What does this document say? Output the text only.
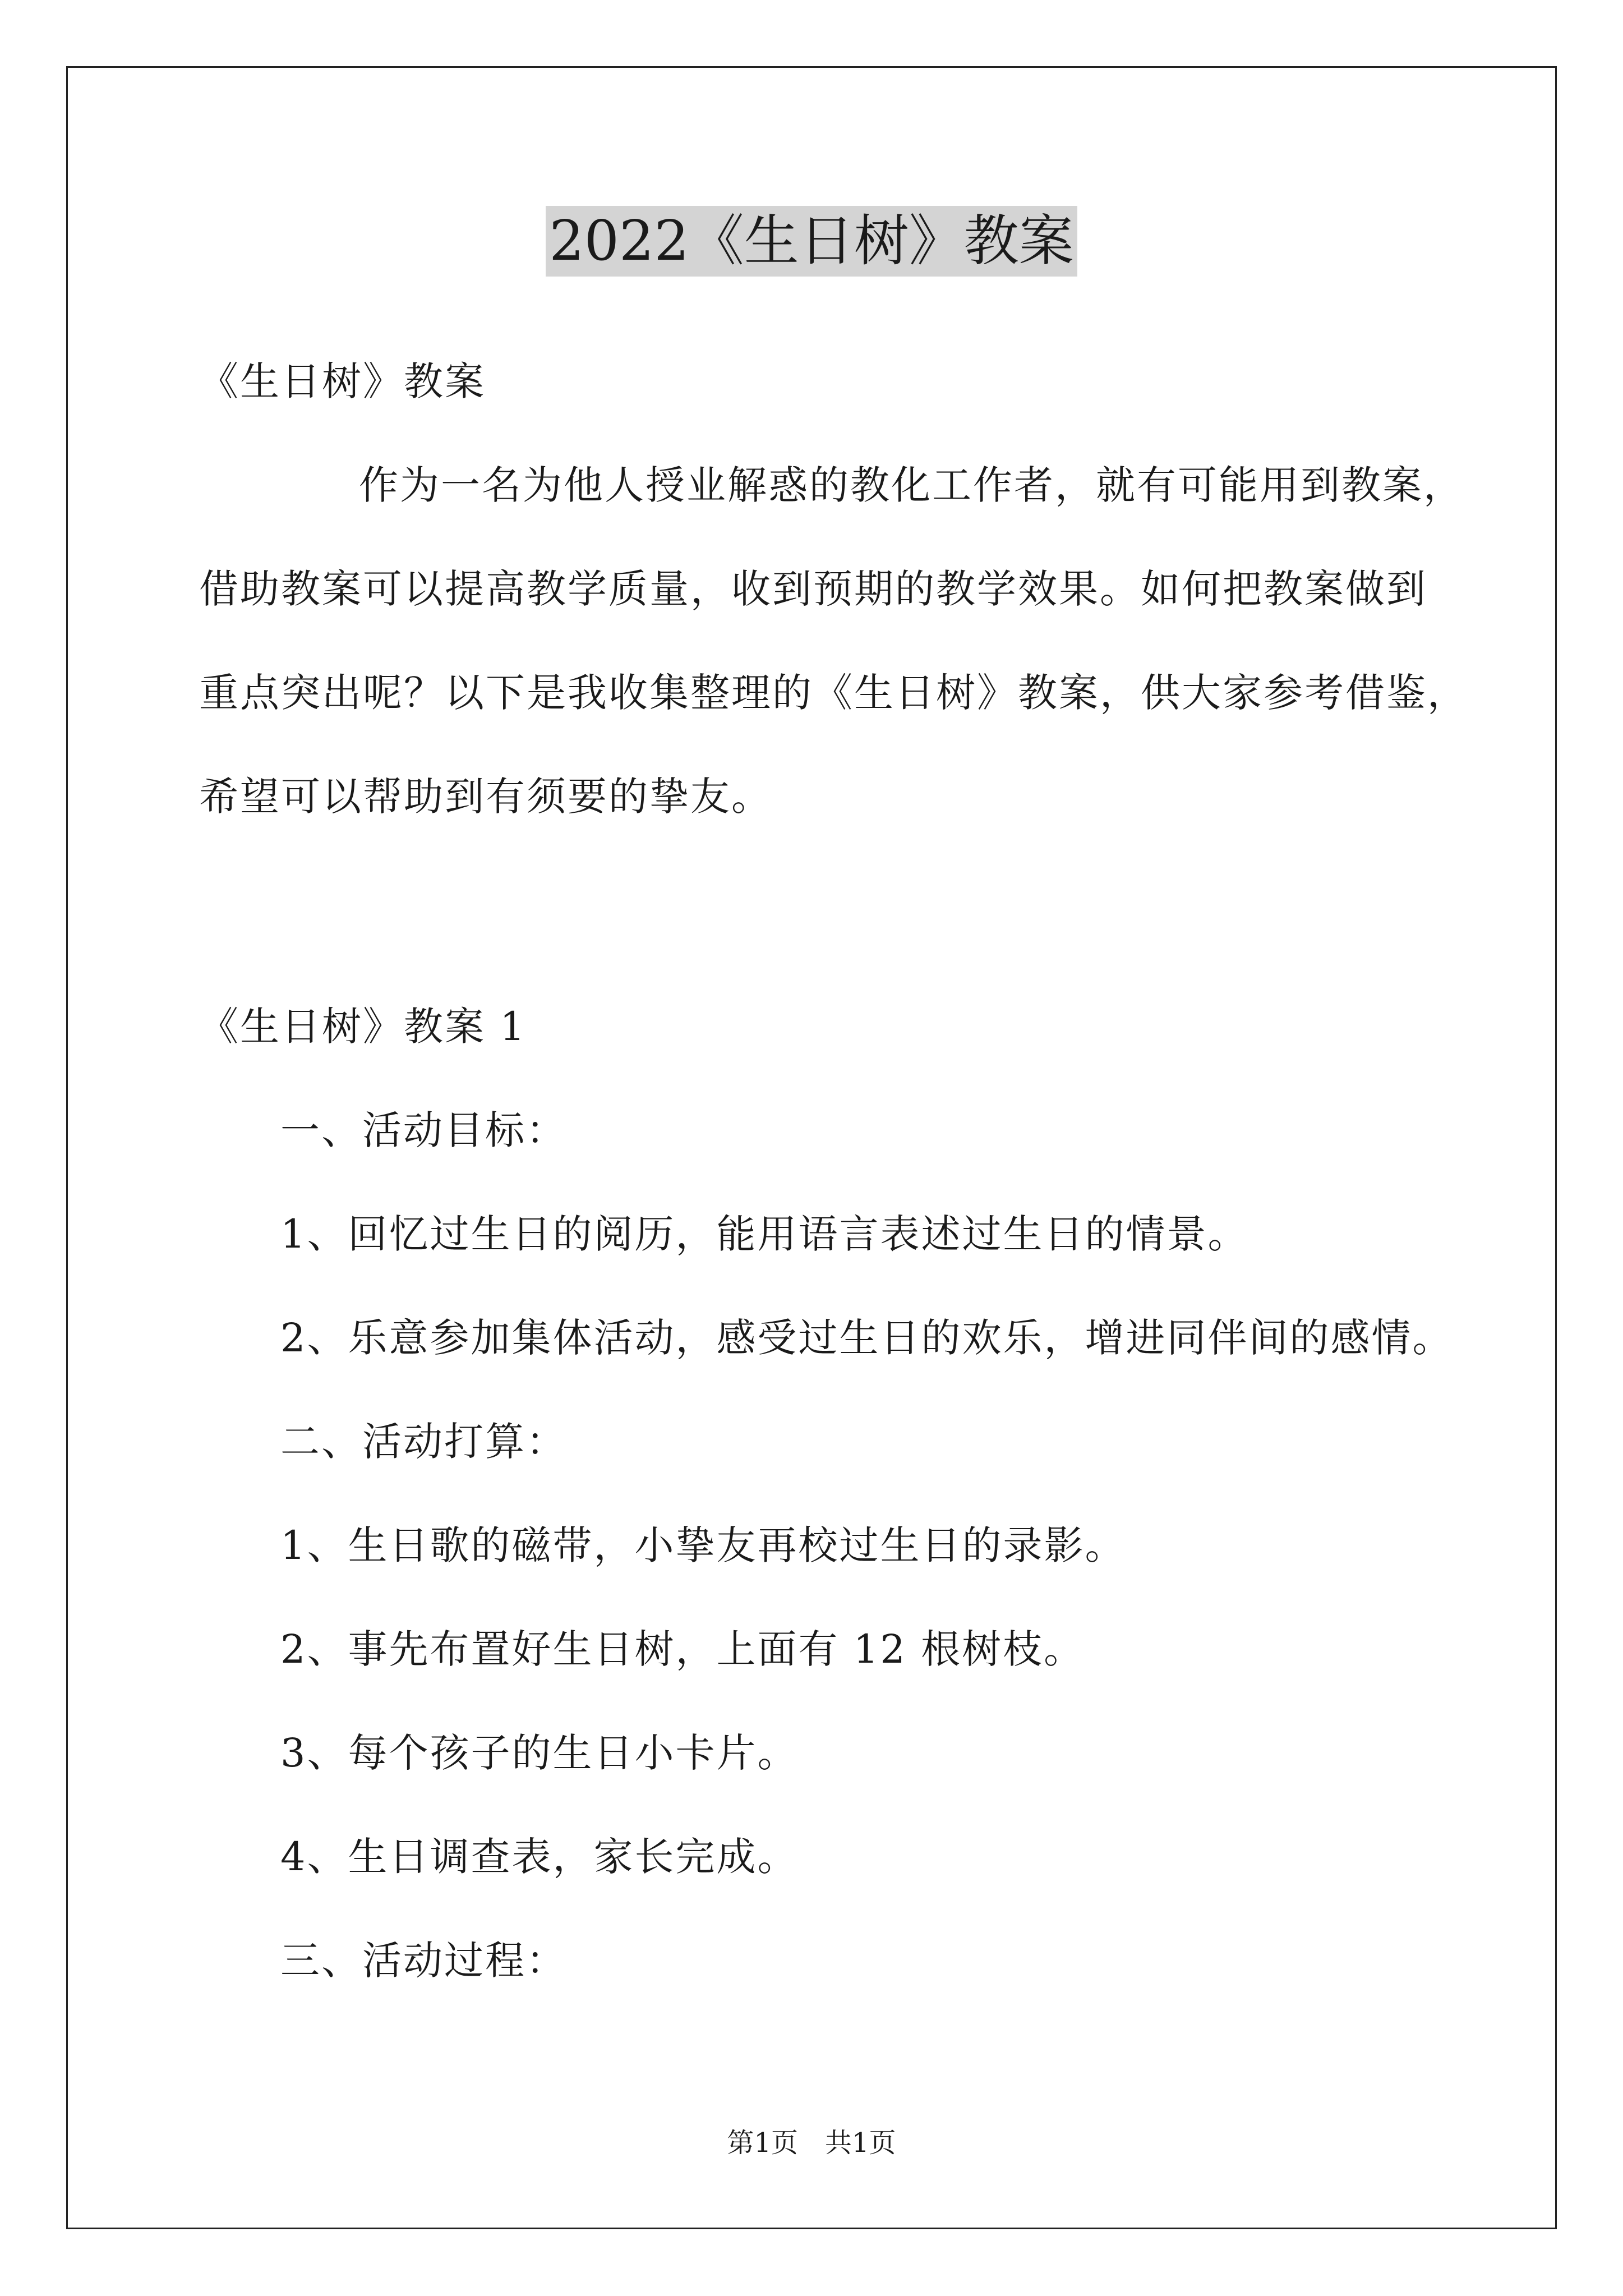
2022《生日树》教案
《生日树》教案
作为一名为他人授业解惑的教化工作者，就有可能用到教案，
借助教案可以提高教学质量，收到预期的教学效果。如何把教案做到
重点突出呢？以下是我收集整理的《生日树》教案，供大家参考借鉴，
希望可以帮助到有须要的挚友。
《生日树》教案 1
一、活动目标：
1、回忆过生日的阅历，能用语言表述过生日的情景。
2、乐意参加集体活动，感受过生日的欢乐，增进同伴间的感情。
二、活动打算：
1、生日歌的磁带，小挚友再校过生日的录影。
2、事先布置好生日树，上面有 12 根树枝。
3、每个孩子的生日小卡片。
4、生日调查表，家长完成。
三、活动过程：
第1页　共1页
